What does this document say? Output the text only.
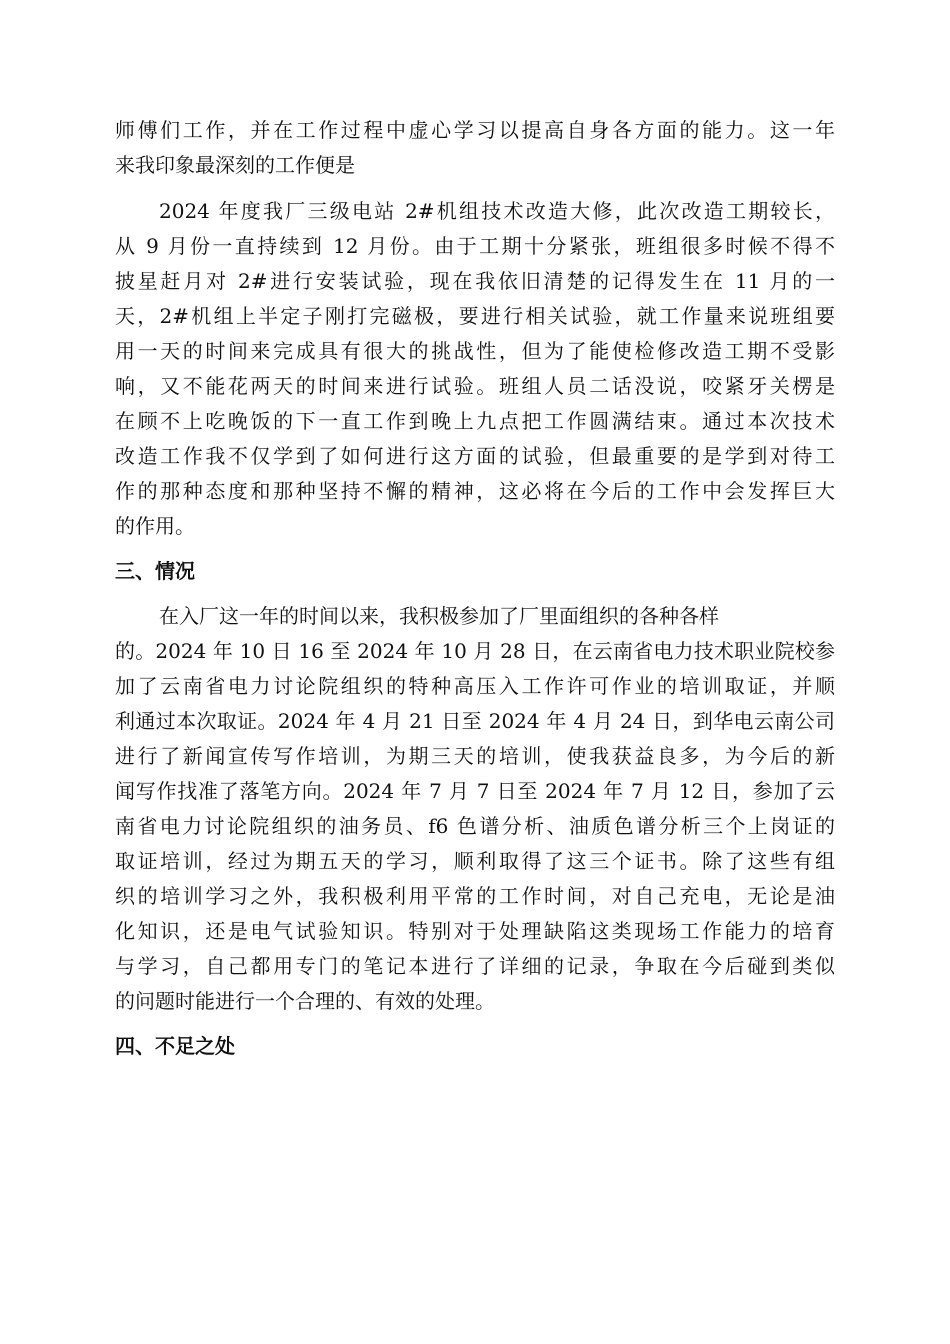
师傅们工作，并在工作过程中虚心学习以提高自身各方面的能力。这一年
来我印象最深刻的工作便是
2024 年度我厂三级电站 2#机组技术改造大修，此次改造工期较长，
从 9 月份一直持续到 12 月份。由于工期十分紧张，班组很多时候不得不
披星赶月对 2#进行安装试验，现在我依旧清楚的记得发生在 11 月的一
天，2#机组上半定子刚打完磁极，要进行相关试验，就工作量来说班组要
用一天的时间来完成具有很大的挑战性，但为了能使检修改造工期不受影
响，又不能花两天的时间来进行试验。班组人员二话没说，咬紧牙关楞是
在顾不上吃晚饭的下一直工作到晚上九点把工作圆满结束。通过本次技术
改造工作我不仅学到了如何进行这方面的试验，但最重要的是学到对待工
作的那种态度和那种坚持不懈的精神，这必将在今后的工作中会发挥巨大
的作用。
三、情况
在入厂这一年的时间以来，我积极参加了厂里面组织的各种各样
的。2024 年 10 日 16 至 2024 年 10 月 28 日，在云南省电力技术职业院校参
加了云南省电力讨论院组织的特种高压入工作许可作业的培训取证，并顺
利通过本次取证。2024 年 4 月 21 日至 2024 年 4 月 24 日，到华电云南公司
进行了新闻宣传写作培训，为期三天的培训，使我获益良多，为今后的新
闻写作找准了落笔方向。2024 年 7 月 7 日至 2024 年 7 月 12 日，参加了云
南省电力讨论院组织的油务员、f6 色谱分析、油质色谱分析三个上岗证的
取证培训，经过为期五天的学习，顺利取得了这三个证书。除了这些有组
织的培训学习之外，我积极利用平常的工作时间，对自己充电，无论是油
化知识，还是电气试验知识。特别对于处理缺陷这类现场工作能力的培育
与学习，自己都用专门的笔记本进行了详细的记录，争取在今后碰到类似
的问题时能进行一个合理的、有效的处理。
四、不足之处
